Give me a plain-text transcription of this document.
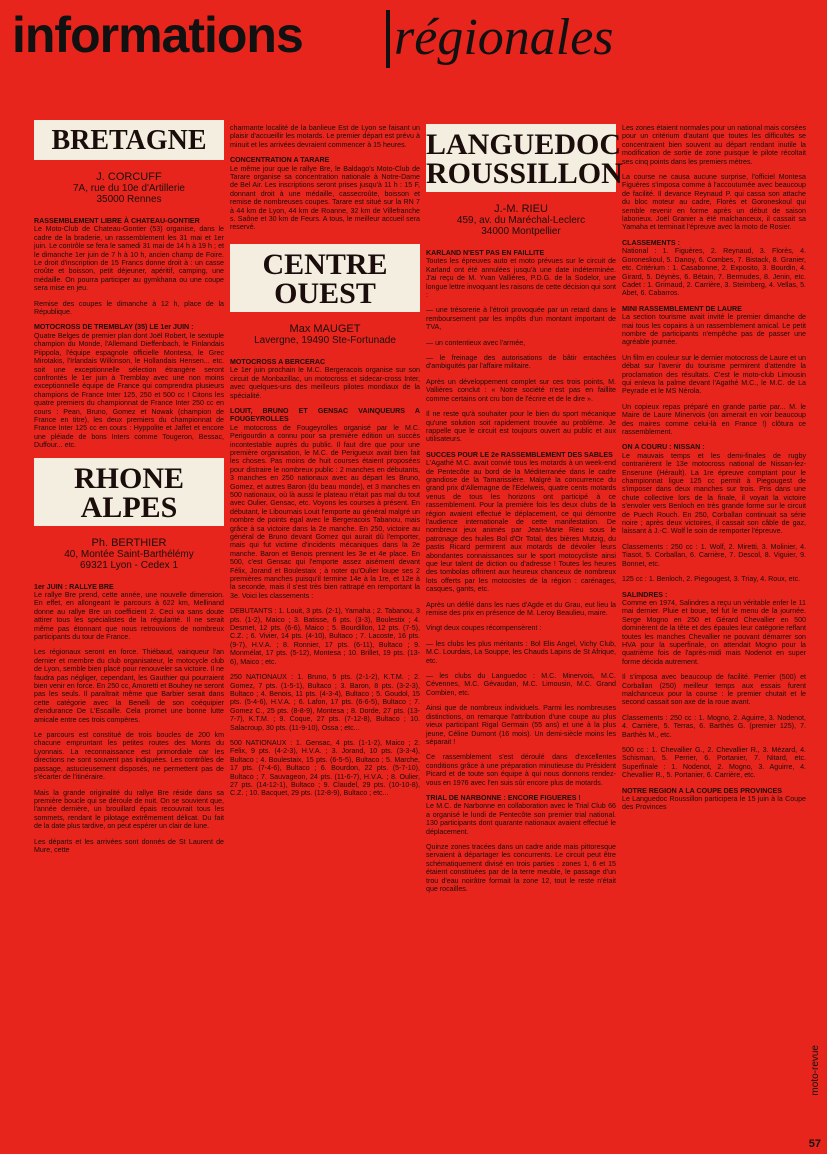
informations régionales
BRETAGNE
J. CORCUFF
7A, rue du 10e d'Artillerie
35000 Rennes

RASSEMBLEMENT LIBRE À CHATEAU-GONTIER

Le Moto-Club de Chateau-Gontier (53) organise, dans le cadre de la braderie, un rassemblement les 31 mai et 1er juin. Le contrôle se fera le samedi 31 mai de 14 h à 19 h ; et le dimanche 1er juin de 7 h à 10 h, ancien champ de Foire. Le droit d'inscription de 15 Francs donne droit à : un casse croûte et boisson, petit déjeuner, apéritif, camping, une médaille. On pourra participer au gymkhana ou une coupe sera mise en jeu.

Remise des coupes le dimanche à 12 h, place de la République.

MOTOCROSS DE TREMBLAY (35) LE 1er JUIN :

Quatre Belges de premier plan dont Joël Robert, le sextuple champion du Monde, l'Allemand Dieffenbach, le Finlandais Piippola, l'équipe espagnole officielle Montesa, le Grec Mirotakis, l'Irlandais Wilkinson, le Hollandais Hensen... etc. soit une exceptionnelle sélection étrangère seront confrontés le 1er juin à Tremblay avec une non moins exceptionnelle équipe de France qui comprendra plusieurs champions de France Inter 125, 250 et 500 cc ! Citons les quatre premiers du championnat de France Inter 250 cc en cours : Pean, Bruno, Gomez et Nowak (champion de France en titre), les deux premiers du championnat de France Inter 125 cc en cours : Hyppolite et Jaffet et encore une pléiade de bons Inters comme Tougeron, Bessac, Duffour... etc.

RHONE ALPES
Ph. BERTHIER
40, Montée Saint-Barthélémy
69321 Lyon - Cedex 1

1er JUIN : RALLYE BRE

Le rallye Bre prend, cette année, une nouvelle dimension. En effet, en allongeant le parcours à 622 km, Mellinand donne au rallye Bre un coefficient 2. Ceci va sans doute attirer tous les spécialistes de la régularité. Il ne serait même pas étonnant que nous retrouvions de nombreux participants du tour de France.

Les régionaux seront en force. Thiébaud, vainqueur l'an dernier et membre du club organisateur, le motocycle club de Lyon, semble bien placé pour renouveler sa victoire. Il ne faudra pas négliger, cependant, les Gauthier qui pourraient bien venir en force. En 250 cc, Amoretti et Bouhey ne seront pas les seuls. Il paraîtrait même que Barbier serait dans cette catégorie avec la Benelli de son coéquipier d'endurance De L'Escaille. Cela promet une bonne lutte amicale entre ces trois compères.

Le parcours est constitué de trois boucles de 200 km chacune empruntant les petites routes des Monts du Lyonnais. La reconnaissance est primordiale car les directions ne sont souvent pas indiquées. Les contrôles de passage, astucieusement disposés, ne permettent pas de s'écarter de l'itinéraire.

Mais la grande originalité du rallye Bre réside dans sa première boucle qui se déroule de nuit. On se souvient que, l'année dernière, un brouillard épais recouvrait tous les sommets, rendant le pilotage extrêmement délicat. Du fait de la date plus tardive, on peut espérer un clair de lune.

Les départs et les arrivées sont donnés de St Laurent de Mure, cette

charmante localité de la banlieue Est de Lyon se faisant un plaisir d'accueillir les motards. Le premier départ est prévu à minuit et les arrivées devraient commencer à 15 heures.

CONCENTRATION A TARARE

Le même jour que le rallye Bre, le Baldago's Moto-Club de Tarare organise sa concentration nationale à Notre-Dame de Bel Air. Les inscriptions seront prises jusqu'à 11 h : 15 F, donnant droit à une médaille, cassecroûte, boisson et remise de nombreuses coupes. Tarare est situé sur la RN 7 à 44 km de Lyon, 44 km de Roanne, 32 km de Villefranche s. Saône et 30 km de Feurs. A tous, le meilleur accueil sera reservé.

CENTRE OUEST
Max MAUGET
Lavergne, 19490 Ste-Fortunade

MOTOCROSS A BERCERAC

Le 1er juin prochain le M.C. Bergeracois organise sur son circuit de Monbazillac, un motocross et sidecar-cross Inter, avec quelques-uns des meilleurs pilotes mondiaux de la spécialité.

LOUIT, BRUNO ET GENSAC VAINQUEURS A FOUGEYROLLES

Le motocross de Fougeyrolles organisé par le M.C. Perigourdin a connu pour sa première édition un succès incontestable auprès du public. Il faut dire que pour une première organisation, le M.C. de Perigueux avait bien fait les choses. Pas moins de huit courses étaient proposées pour distraire le nombreux public : 2 manches en débutants, 3 manches en 250 nationaux avec au départ les Bruno, Gomez, et autres Baron (du beau monde), et 3 manches en 500 nationaux, où là aussi le plateau n'était pas mal du tout avec Oulier, Gensac, etc. Voyons les courses à présent. En débutant, le Libournais Louit l'emporte au général malgré un nombre de points égal avec le Bergeracois Tabanou, mais grâce à sa victoire dans la 2e manche. En 250, victoire au général de Bruno devant Gomez qui aurait dû l'emporter, mais qui fut victime d'incidents mécaniques dans la 2e manche. Baron et Benois prennent les 3e et 4e place. En 500, c'est Gensac qui l'emporte assez aisément devant Félix, Jorand et Boulestaix ; à noter qu'Oulier loupe ses 2 premières manches puisqu'il termine 14e à la 1re, et 12e à la seconde, mais il s'est très bien rattrapé en remportant la 3e. Voici les classements :

DEBUTANTS : 1. Louit, 3 pts. (2-1), Yamaha ; 2. Tabanou, 3 pts. (1-2), Maico ; 3. Batisse, 6 pts. (3-3), Boulestix ; 4. Desmet, 12 pts. (6-6), Maico ; 5. Bourdillon, 12 pts. (7-5), C.Z. ; 6. Vivier, 14 pts. (4-10), Bultaco ; 7. Lacoste, 16 pts. (9-7), H.V.A. ; 8. Ronnier, 17 pts. (6-11), Bultaco ; 9. Monmélat, 17 pts. (5-12), Montesa ; 10. Brillet, 19 pts. (13-6), Maico ; etc.

250 NATIONAUX : 1. Bruno, 5 pts. (2-1-2), K.T.M. ; 2. Gomez, 7 pts. (1-5-1), Bultaco ; 3. Baron, 8 pts. (3-2-3), Bultaco ; 4. Benois, 11 pts. (4-3-4), Bultaco ; 5. Goudol, 15 pts. (5-4-6), H.V.A. ; 6. Lafon, 17 pts. (6-6-5), Bultaco ; 7. Gomez C., 25 pts. (8-8-9), Montesa ; 8. Dorde, 27 pts. (13-7-7), K.T.M. ; 9. Coque, 27 pts. (7-12-8), Bultaco ; 10. Salacroup, 30 pts. (11-9-10), Ossa ; etc...

500 NATIONAUX : 1. Gensac, 4 pts. (1-1-2), Maico ; 2. Felix, 9 pts. (4-2-3), H.V.A. ; 3. Jorand, 10 pts. (3-3-4), Bultaco ; 4. Boulestaix, 15 pts. (6-5-5), Bultaco ; 5. Marche, 17 pts. (7-4-6), Bultaco ; 6. Bourdon, 22 pts. (5-7-10), Bultaco ; 7. Sauvageon, 24 pts. (11-6-7), H.V.A. ; 8. Oulier, 27 pts. (14-12-1), Bultaco ; 9. Claudel, 29 pts. (10-10-8), C.Z. ; 10. Bacquet, 29 pts. (12-8-9), Bultaco ; etc...

LANGUEDOC ROUSSILLON
J.-M. RIEU
459, av. du Maréchal-Leclerc
34000 Montpellier

KARLAND N'EST PAS EN FAILLITE

Toutes les épreuves auto et moto prévues sur le circuit de Karland ont été annulées jusqu'à une date indéterminée. J'ai reçu de M. Yvan Vallières, P.D.G. de la Sodelor, une longue lettre invoquant les raisons de cette décision qui sont :

— une trésorerie à l'étroit provoquée par un retard dans le remboursement par les impôts d'un montant important de TVA,

— un contentieux avec l'armée,

— le freinage des autorisations de bâtir entachées d'ambiguités par l'affaire militaire.

Après un développement complet sur ces trois points, M. Vallières conclut : « Notre société n'est pas en faillite comme certains ont cru bon de l'écrire et de le dire ».

Il ne reste qu'à souhaiter pour le bien du sport mécanique qu'une solution soit rapidement trouvée au problème. Je rappelle que le circuit est toujours ouvert au public et aux utilisateurs.

SUCCES POUR LE 2e RASSEMBLEMENT DES SABLES

L'Agathé M.C. avait convié tous les motards à un week-end de Pentecôte au bord de la Méditerranée dans le cadre grandiose de la Tamarissière. Malgré la concurrence du grand prix d'Allemagne de l'Edelweis, quatre cents motards venus de tous les horizons ont participé à ce rassemblement. Pour la première fois les deux clubs de la région avaient effectué le déplacement, ce qui démontre l'audience internationale de cette manifestation. De nombreux jeux animés par Jean-Marie Rieu sous le patronage des huiles Bol d'Or Total, des bières Mutzig, du pastis Ricard permirent aux motards de dévoiler leurs abondantes connaissances sur le sport motocycliste ainsi que leur talent de diction ou d'adresse ! Toutes les heures des tombolas offrirent aux heureux chanceux de nombreux lots offerts par les motocistes de la région : carénages, casques, gants, etc.

Après un défilé dans les rues d'Agde et du Grau, eut lieu la remise des prix en présence de M. Leroy Beaulieu, maire.

Vingt deux coupes récompensèrent :

— les clubs les plus méritants : Bol Elis Angel, Vichy Club, M.C. Lourdais, La Souppe, les Chauds Lapins de St Afrique, etc.

— les clubs du Languedoc : M.C. Minervois, M.C. Cévennes, M.C. Gévaudan, M.C. Limousin, M.C. Grand Combien, etc.

Ainsi que de nombreux individuels. Parmi les nombreuses distinctions, on remarque l'attribution d'une coupe au plus vieux participant Rigal Germain (55 ans) et une à la plus jeune, Céline Dumont (16 mois). Un demi-siècle moins les séparait !

Ce rassemblement s'est déroulé dans d'excellentes conditions grâce à une préparation minutieuse du Président Picard et de toute son équipe à qui nous donnons rendez-vous en 1976 avec l'en suis sûr encore plus de motards.

TRIAL DE NARBONNE : ENCORE FIGUERES !

Le M.C. de Narbonne en collaboration avec le Trial Club 66 a organisé le lundi de Pentecôte son premier trial national. 130 participants dont quarante nationaux avaient effectué le déplacement.

Quinze zones tracées dans un cadre aride mais pittoresque servaient à départager les concurrents. Le circuit peut être schématiquement divisé en trois parties : zones 1, 6 et 15 étaient constituées par de la terre meuble, le passage d'un trou d'eau noirâtre formait la zone 12, tout le reste n'était que rocailles.

Les zones étaient normales pour un national mais corsées pour un critérium d'autant que toutes les difficultés se concentraient bien souvent au départ rendant inutile la modification de sortie de zone puisque le pilote récoltait ses cinq points dans les premiers mètres.

La course ne causa aucune surprise, l'officiel Montesa Figuères s'imposa comme à l'accoutumée avec beaucoup de facilité. Il devance Reynaud P. qui cassa son attache du bloc moteur au cadre, Florès et Goroneskoul qui semble revenir en forme après un début de saison laborieux. Joël Granier a été malchanceux, il cassait sa Yamaha et terminait l'épreuve avec la moto de Rosier.

CLASSEMENTS :

National : 1. Figuères, 2. Reynaud, 3. Florès, 4. Goroneskoul, 5. Danoy, 6. Combes, 7. Bistack, 8. Granier, etc. Critérium : 1. Casabonne, 2. Exposito, 3. Bourdin, 4. Girard, 5. Déynès, 6. Bétain, 7. Bermudes, 8. Jenin, etc. Cadet : 1. Grimaud, 2. Carrière, 3. Steimberg, 4. Vellas, 5. Abet, 6. Cabarros.

MINI RASSEMBLEMENT DE LAURE

La section tourisme avait invité le premier dimanche de mai tous les copains à un rassemblement amical. Le petit nombre de participants n'empêche pas de passer une agréable journée.

Un film en couleur sur le dernier motocross de Laure et un débat sur l'avenir du tourisme permirent d'attendre la proclamation des résultats. C'est le moto-club Limousin qui enleva la palme devant l'Agathé M.C., le M.C. de La Peyrade et le MS Nérola.

Un copieux repas préparé en grande partie par... M. le Maire de Laure Minervois (on aimerait en voir beaucoup des maires comme celui-là en France !) clôtura ce rassemblement.

ON A COURU : NISSAN :

Le mauvais temps et les demi-finales de rugby contrarièrent le 13e motocross national de Nissan-lez-Enserune (Hérault). La 1re épreuve comptant pour le championnat ligue 125 cc permit à Piegougest de s'imposer dans deux manches sur trois. Pris dans une chute collective lors de la finale, il voyait la victoire s'envoler vers Benloch en très grande forme sur le circuit de Puech Rouch. En 250, Corballan continuait sa série noire ; après deux victoires, il cassait son câble de gaz, laissant à J.-C. Wolf le soin de remporter l'épreuve.

Classements : 250 cc : 1. Wolf, 2. Miretti, 3. Molinier, 4. Tiasot, 5. Corballan, 6. Carrière, 7. Descol, 8. Viguier, 9. Bonnet, etc.

125 cc : 1. Benloch, 2. Piegougest, 3. Triay, 4. Roux, etc.

SALINDRES :

Comme en 1974, Salindres a reçu un véritable enfer le 11 mai dernier. Pluie et boue, tel fut le menu de la journée. Serge Mogno en 250 et Gérard Chevallier en 500 dominèrent de la tête et des épaules leur catégorie reflant toutes les manches Chevallier ne pouvant démarrer son HVA pour la superfinale, on attendait Mogno pour la quatrième fois de l'après-midi mais Nodenot en super forme décida autrement.

Il s'imposa avec beaucoup de facilité. Perrier (500) et Corballan (250) meilleur temps aux essais furent malchanceux pour la course : le premier chutait et le second cassait son axe de la roue avant.

Classements : 250 cc : 1. Mogno, 2. Aguirre, 3. Nodenot, 4. Carrière, 5. Terras, 6. Barthès G. (premier 125), 7. Barthès M., etc.

500 cc : 1. Chevallier G., 2. Chevallier R., 3. Mézard, 4. Schisman, 5. Perrier, 6. Portanier, 7. Nitard, etc. Superfinale : 1. Nodenot, 2. Mogno, 3. Aguirre, 4. Chevallier R., 5. Portanier, 6. Carrière, etc.

NOTRE REGION A LA COUPE DES PROVINCES

Le Languedoc Roussillon participera le 15 juin à la Coupe des Provinces

moto-revue
57
